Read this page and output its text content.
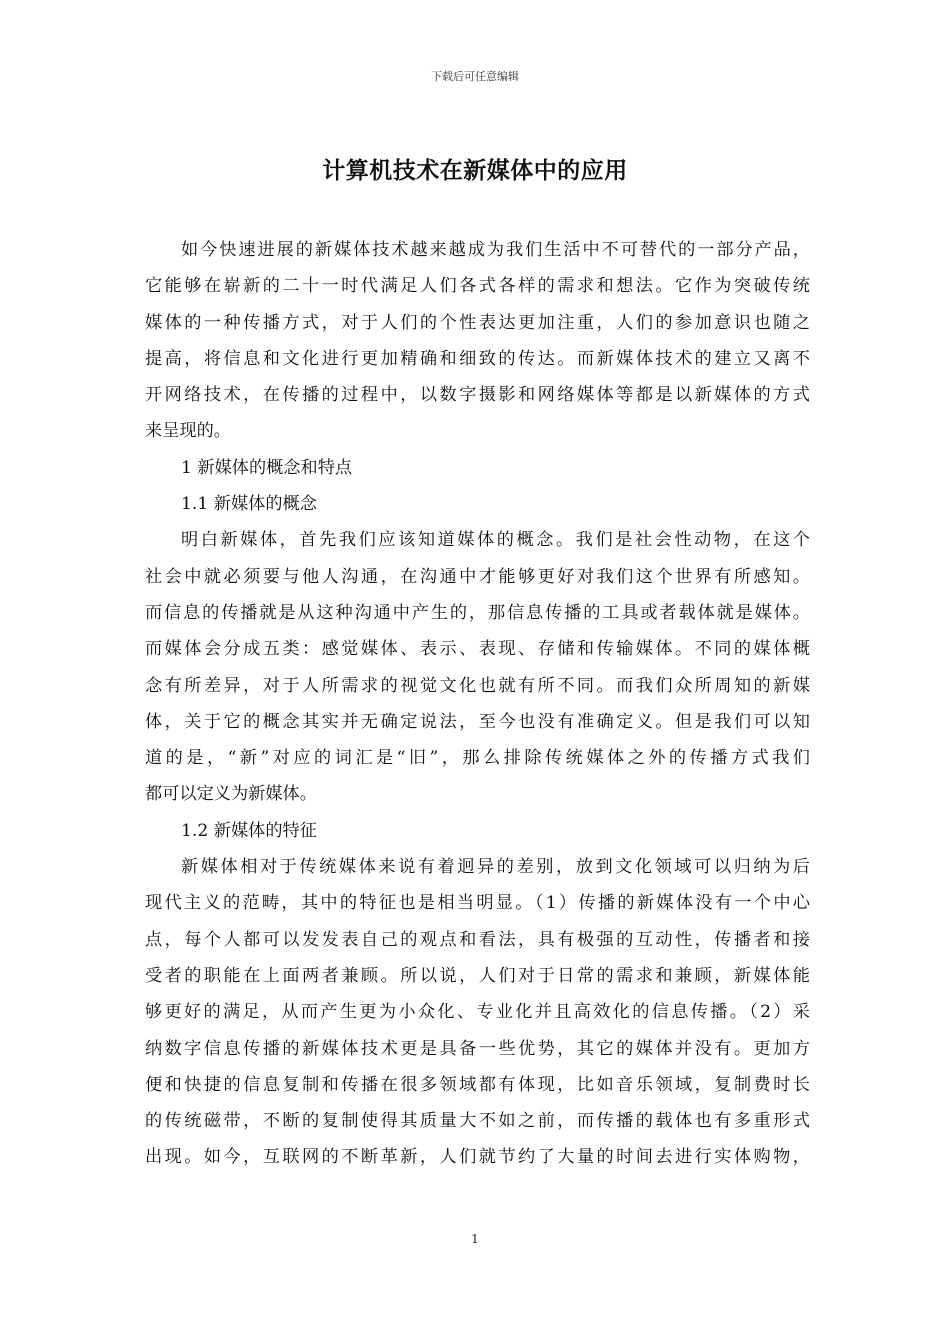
下载后可任意编辑
计算机技术在新媒体中的应用
如今快速进展的新媒体技术越来越成为我们生活中不可替代的一部分产品，
它能够在崭新的二十一时代满足人们各式各样的需求和想法。它作为突破传统
媒体的一种传播方式，对于人们的个性表达更加注重，人们的参加意识也随之
提高，将信息和文化进行更加精确和细致的传达。而新媒体技术的建立又离不
开网络技术，在传播的过程中，以数字摄影和网络媒体等都是以新媒体的方式
来呈现的。
1 新媒体的概念和特点
1.1 新媒体的概念
明白新媒体，首先我们应该知道媒体的概念。我们是社会性动物，在这个
社会中就必须要与他人沟通，在沟通中才能够更好对我们这个世界有所感知。
而信息的传播就是从这种沟通中产生的，那信息传播的工具或者载体就是媒体。
而媒体会分成五类：感觉媒体、表示、表现、存储和传输媒体。不同的媒体概
念有所差异，对于人所需求的视觉文化也就有所不同。而我们众所周知的新媒
体，关于它的概念其实并无确定说法，至今也没有准确定义。但是我们可以知
道的是，“新”对应的词汇是“旧”，那么排除传统媒体之外的传播方式我们
都可以定义为新媒体。
1.2 新媒体的特征
新媒体相对于传统媒体来说有着迥异的差别，放到文化领域可以归纳为后
现代主义的范畴，其中的特征也是相当明显。（1）传播的新媒体没有一个中心
点，每个人都可以发发表自己的观点和看法，具有极强的互动性，传播者和接
受者的职能在上面两者兼顾。所以说，人们对于日常的需求和兼顾，新媒体能
够更好的满足，从而产生更为小众化、专业化并且高效化的信息传播。（2）采
纳数字信息传播的新媒体技术更是具备一些优势，其它的媒体并没有。更加方
便和快捷的信息复制和传播在很多领域都有体现，比如音乐领域，复制费时长
的传统磁带，不断的复制使得其质量大不如之前，而传播的载体也有多重形式
出现。如今，互联网的不断革新，人们就节约了大量的时间去进行实体购物，
1
